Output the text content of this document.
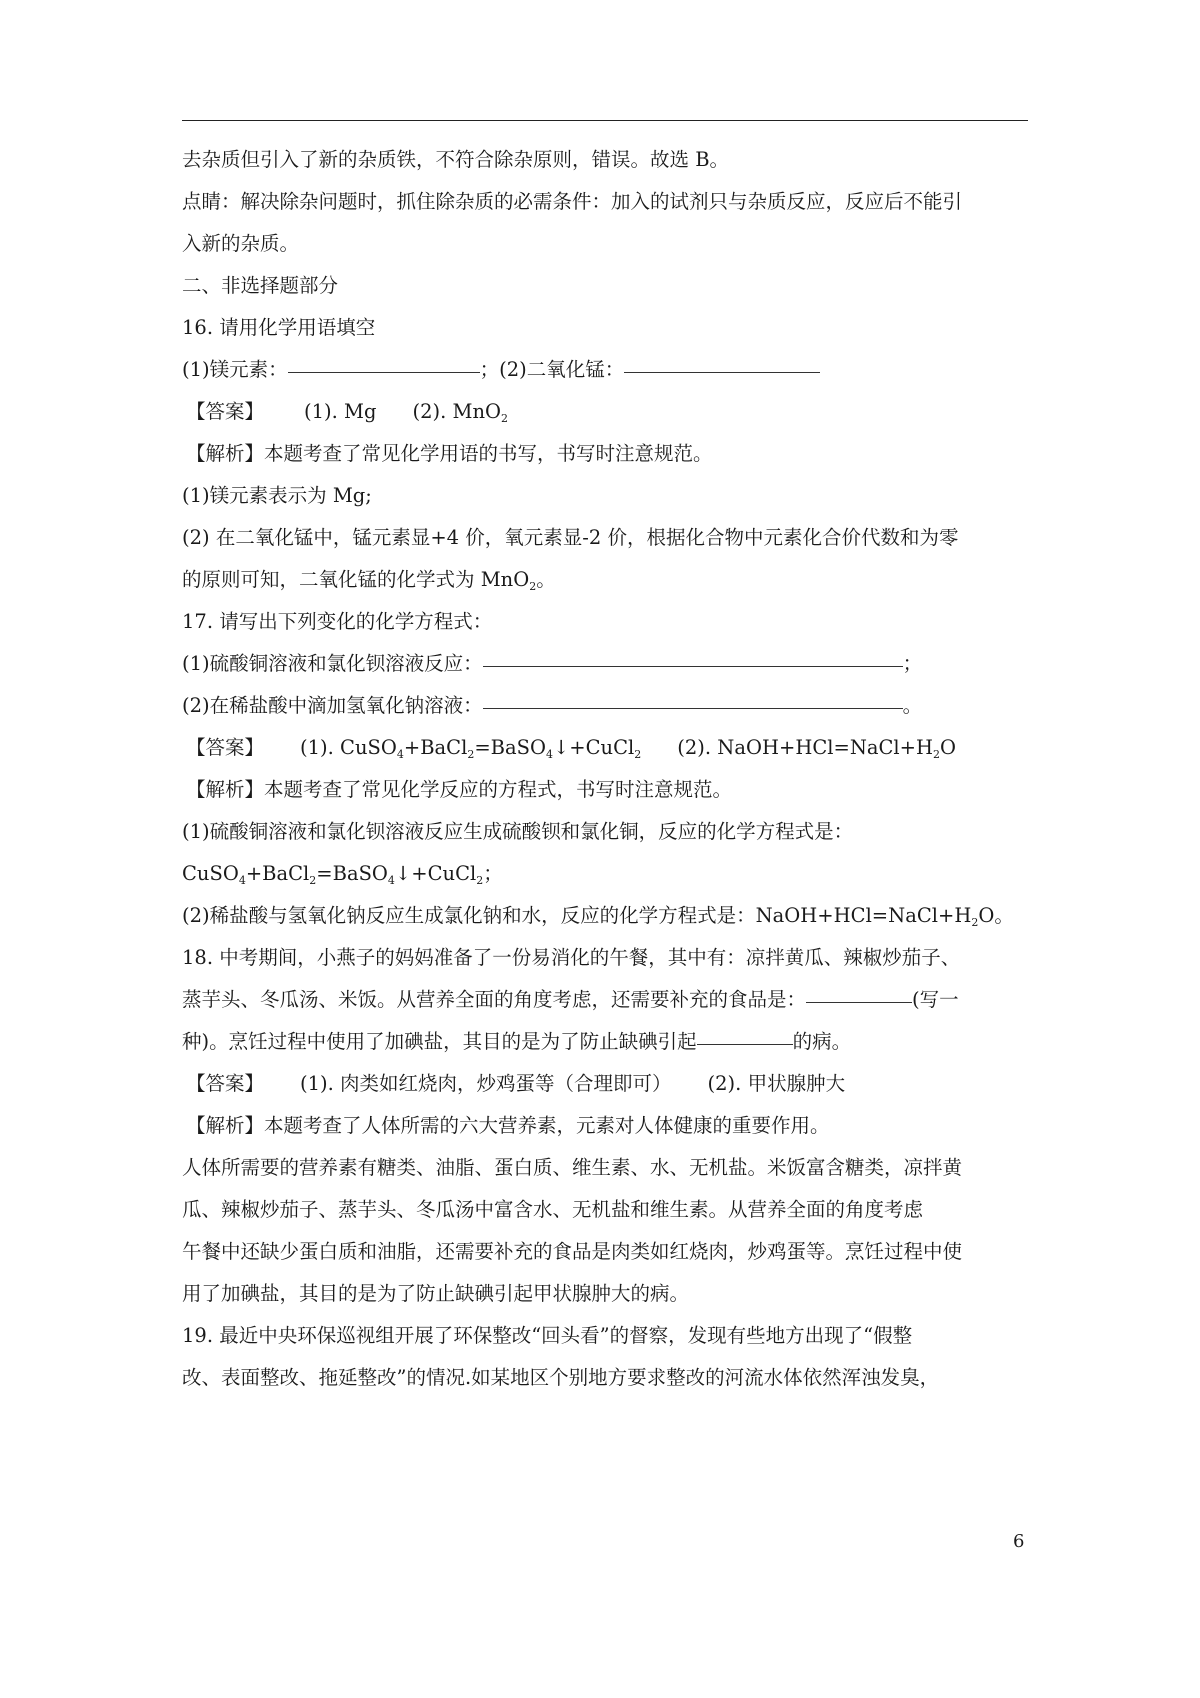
去杂质但引入了新的杂质铁，不符合除杂原则，错误。故选 B。
点睛：解决除杂问题时，抓住除杂质的必需条件：加入的试剂只与杂质反应，反应后不能引
入新的杂质。
二、非选择题部分
16. 请用化学用语填空
(1)镁元素：	；(2)二氧化锰：
【答案】 (1). Mg (2). MnO$_2$
【解析】本题考查了常见化学用语的书写，书写时注意规范。
(1)镁元素表示为 Mg;
(2) 在二氧化锰中，锰元素显+4 价，氧元素显-2 价，根据化合物中元素化合价代数和为零
的原则可知，二氧化锰的化学式为 MnO$_2$。
17. 请写出下列变化的化学方程式：
(1)硫酸铜溶液和氯化钡溶液反应：	；
(2)在稀盐酸中滴加氢氧化钠溶液：	。
【答案】 (1). CuSO$_4$+BaCl$_2$=BaSO$_4$↓+CuCl$_2$ (2). $NaOH+HCl=NaCl+H_2O$
【解析】本题考查了常见化学反应的方程式，书写时注意规范。
(1)硫酸铜溶液和氯化钡溶液反应生成硫酸钡和氯化铜，反应的化学方程式是：
CuSO$_4$+BaCl$_2$=BaSO$_4$↓+CuCl$_2$；
(2)稀盐酸与氢氧化钠反应生成氯化钠和水，反应的化学方程式是：$NaOH+HCl=NaCl+H_2O$。
18. 中考期间，小燕子的妈妈准备了一份易消化的午餐，其中有：凉拌黄瓜、辣椒炒茄子、
蒸芋头、冬瓜汤、米饭。从营养全面的角度考虑，还需要补充的食品是：	(写一
种)。烹饪过程中使用了加碘盐，其目的是为了防止缺碘引起	的病。
【答案】 (1). 肉类如红烧肉，炒鸡蛋等（合理即可） (2). 甲状腺肿大
【解析】本题考查了人体所需的六大营养素，元素对人体健康的重要作用。
人体所需要的营养素有糖类、油脂、蛋白质、维生素、水、无机盐。米饭富含糖类，凉拌黄
瓜、辣椒炒茄子、蒸芋头、冬瓜汤中富含水、无机盐和维生素。从营养全面的角度考虑
午餐中还缺少蛋白质和油脂，还需要补充的食品是肉类如红烧肉，炒鸡蛋等。烹饪过程中使
用了加碘盐，其目的是为了防止缺碘引起甲状腺肿大的病。
19. 最近中央环保巡视组开展了环保整改“回头看”的督察，发现有些地方出现了“假整
改、表面整改、拖延整改”的情况.如某地区个别地方要求整改的河流水体依然浑浊发臭，
6
